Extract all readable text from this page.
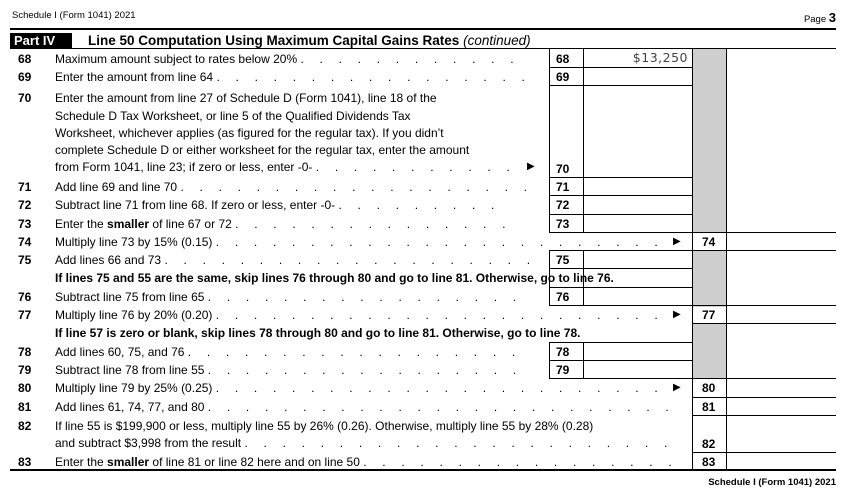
Schedule I (Form 1041) 2021	Page 3
Part IV	Line 50 Computation Using Maximum Capital Gains Rates (continued)
68 Maximum amount subject to rates below 20% . . . . . . . . . . . .	68	$13,250
69 Enter the amount from line 64 . . . . . . . . . . . . . . . . . 69
70 Enter the amount from line 27 of Schedule D (Form 1041), line 18 of the
Schedule D Tax Worksheet, or line 5 of the Qualified Dividends Tax
Worksheet, whichever applies (as figured for the regular tax). If you didn’t
complete Schedule D or either worksheet for the regular tax, enter the amount
from Form 1041, line 23; if zero or less, enter -0- . . . . . . . . . . . ▶ 70
71 Add line 69 and line 70 . . . . . . . . . . . . . . . . . . . 71
72 Subtract line 71 from line 68. If zero or less, enter -0- . . . . . . . . .	72
73 Enter the smaller of line 67 or 72 . . . . . . . . . . . . . . .	73
74 Multiply line 73 by 15% (0.15) . . . . . . . . . . . . . . . . . . . . . . . . ▶ 74
75 Add lines 66 and 73 . . . . . . . . . . . . . . . . . . . . 75
If lines 75 and 55 are the same, skip lines 76 through 80 and go to line 81. Otherwise, go to line 76.
76 Subtract line 75 from line 65 . . . . . . . . . . . . . . . . .	76
77 Multiply line 76 by 20% (0.20) . . . . . . . . . . . . . . . . . . . . . . . . ▶ 77
If line 57 is zero or blank, skip lines 78 through 80 and go to line 81. Otherwise, go to line 78.
78 Add lines 60, 75, and 76 . . . . . . . . . . . . . . . . . .	78
79 Subtract line 78 from line 55 . . . . . . . . . . . . . . . . .	79
80 Multiply line 79 by 25% (0.25) . . . . . . . . . . . . . . . . . . . . . . . . ▶ 80
81 Add lines 61, 74, 77, and 80 . . . . . . . . . . . . . . . . . . . . . . . . . 81
82 If line 55 is $199,900 or less, multiply line 55 by 26% (0.26). Otherwise, multiply line 55 by 28% (0.28)
and subtract $3,998 from the result . . . . . . . . . . . . . . . . . . . . . . . 82
83 Enter the smaller of line 81 or line 82 here and on line 50 . . . . . . . . . . . . . . . . . 83
Schedule I (Form 1041) 2021
